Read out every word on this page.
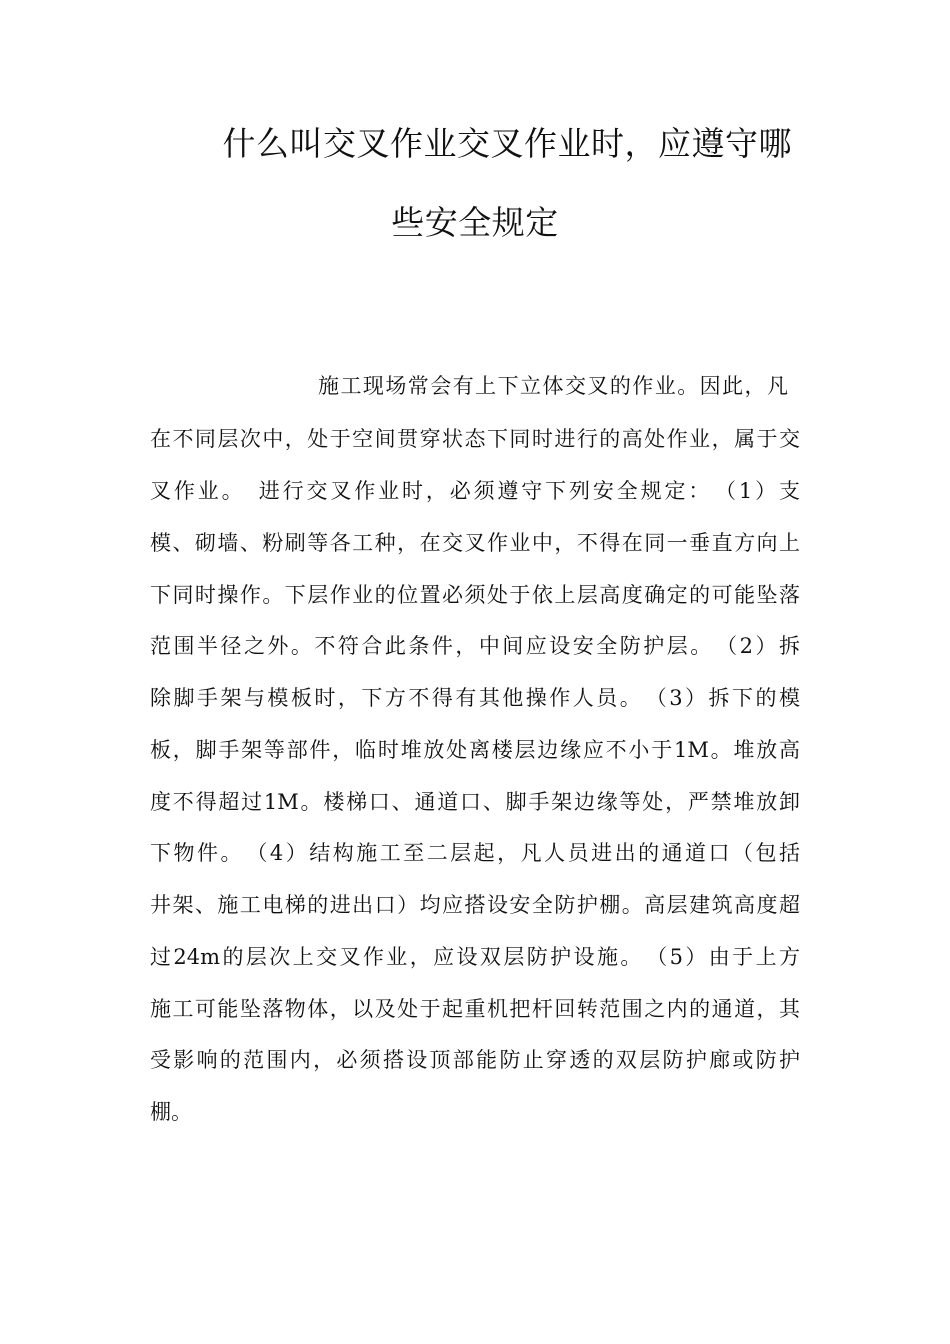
什么叫交叉作业交叉作业时，应遵守哪
些安全规定
施工现场常会有上下立体交叉的作业。因此，凡
在不同层次中，处于空间贯穿状态下同时进行的高处作业，属于交
叉作业。　进行交叉作业时，必须遵守下列安全规定：　（1）支
模、砌墙、粉刷等各工种，在交叉作业中，不得在同一垂直方向上
下同时操作。下层作业的位置必须处于依上层高度确定的可能坠落
范围半径之外。不符合此条件，中间应设安全防护层。　（2）拆
除脚手架与模板时，下方不得有其他操作人员。　（3）拆下的模
板，脚手架等部件，临时堆放处离楼层边缘应不小于1M。堆放高
度不得超过1M。楼梯口、通道口、脚手架边缘等处，严禁堆放卸
下物件。　（4）结构施工至二层起，凡人员进出的通道口（包括
井架、施工电梯的进出口）均应搭设安全防护棚。高层建筑高度超
过24m的层次上交叉作业，应设双层防护设施。　（5）由于上方
施工可能坠落物体，以及处于起重机把杆回转范围之内的通道，其
受影响的范围内，必须搭设顶部能防止穿透的双层防护廊或防护
棚。
